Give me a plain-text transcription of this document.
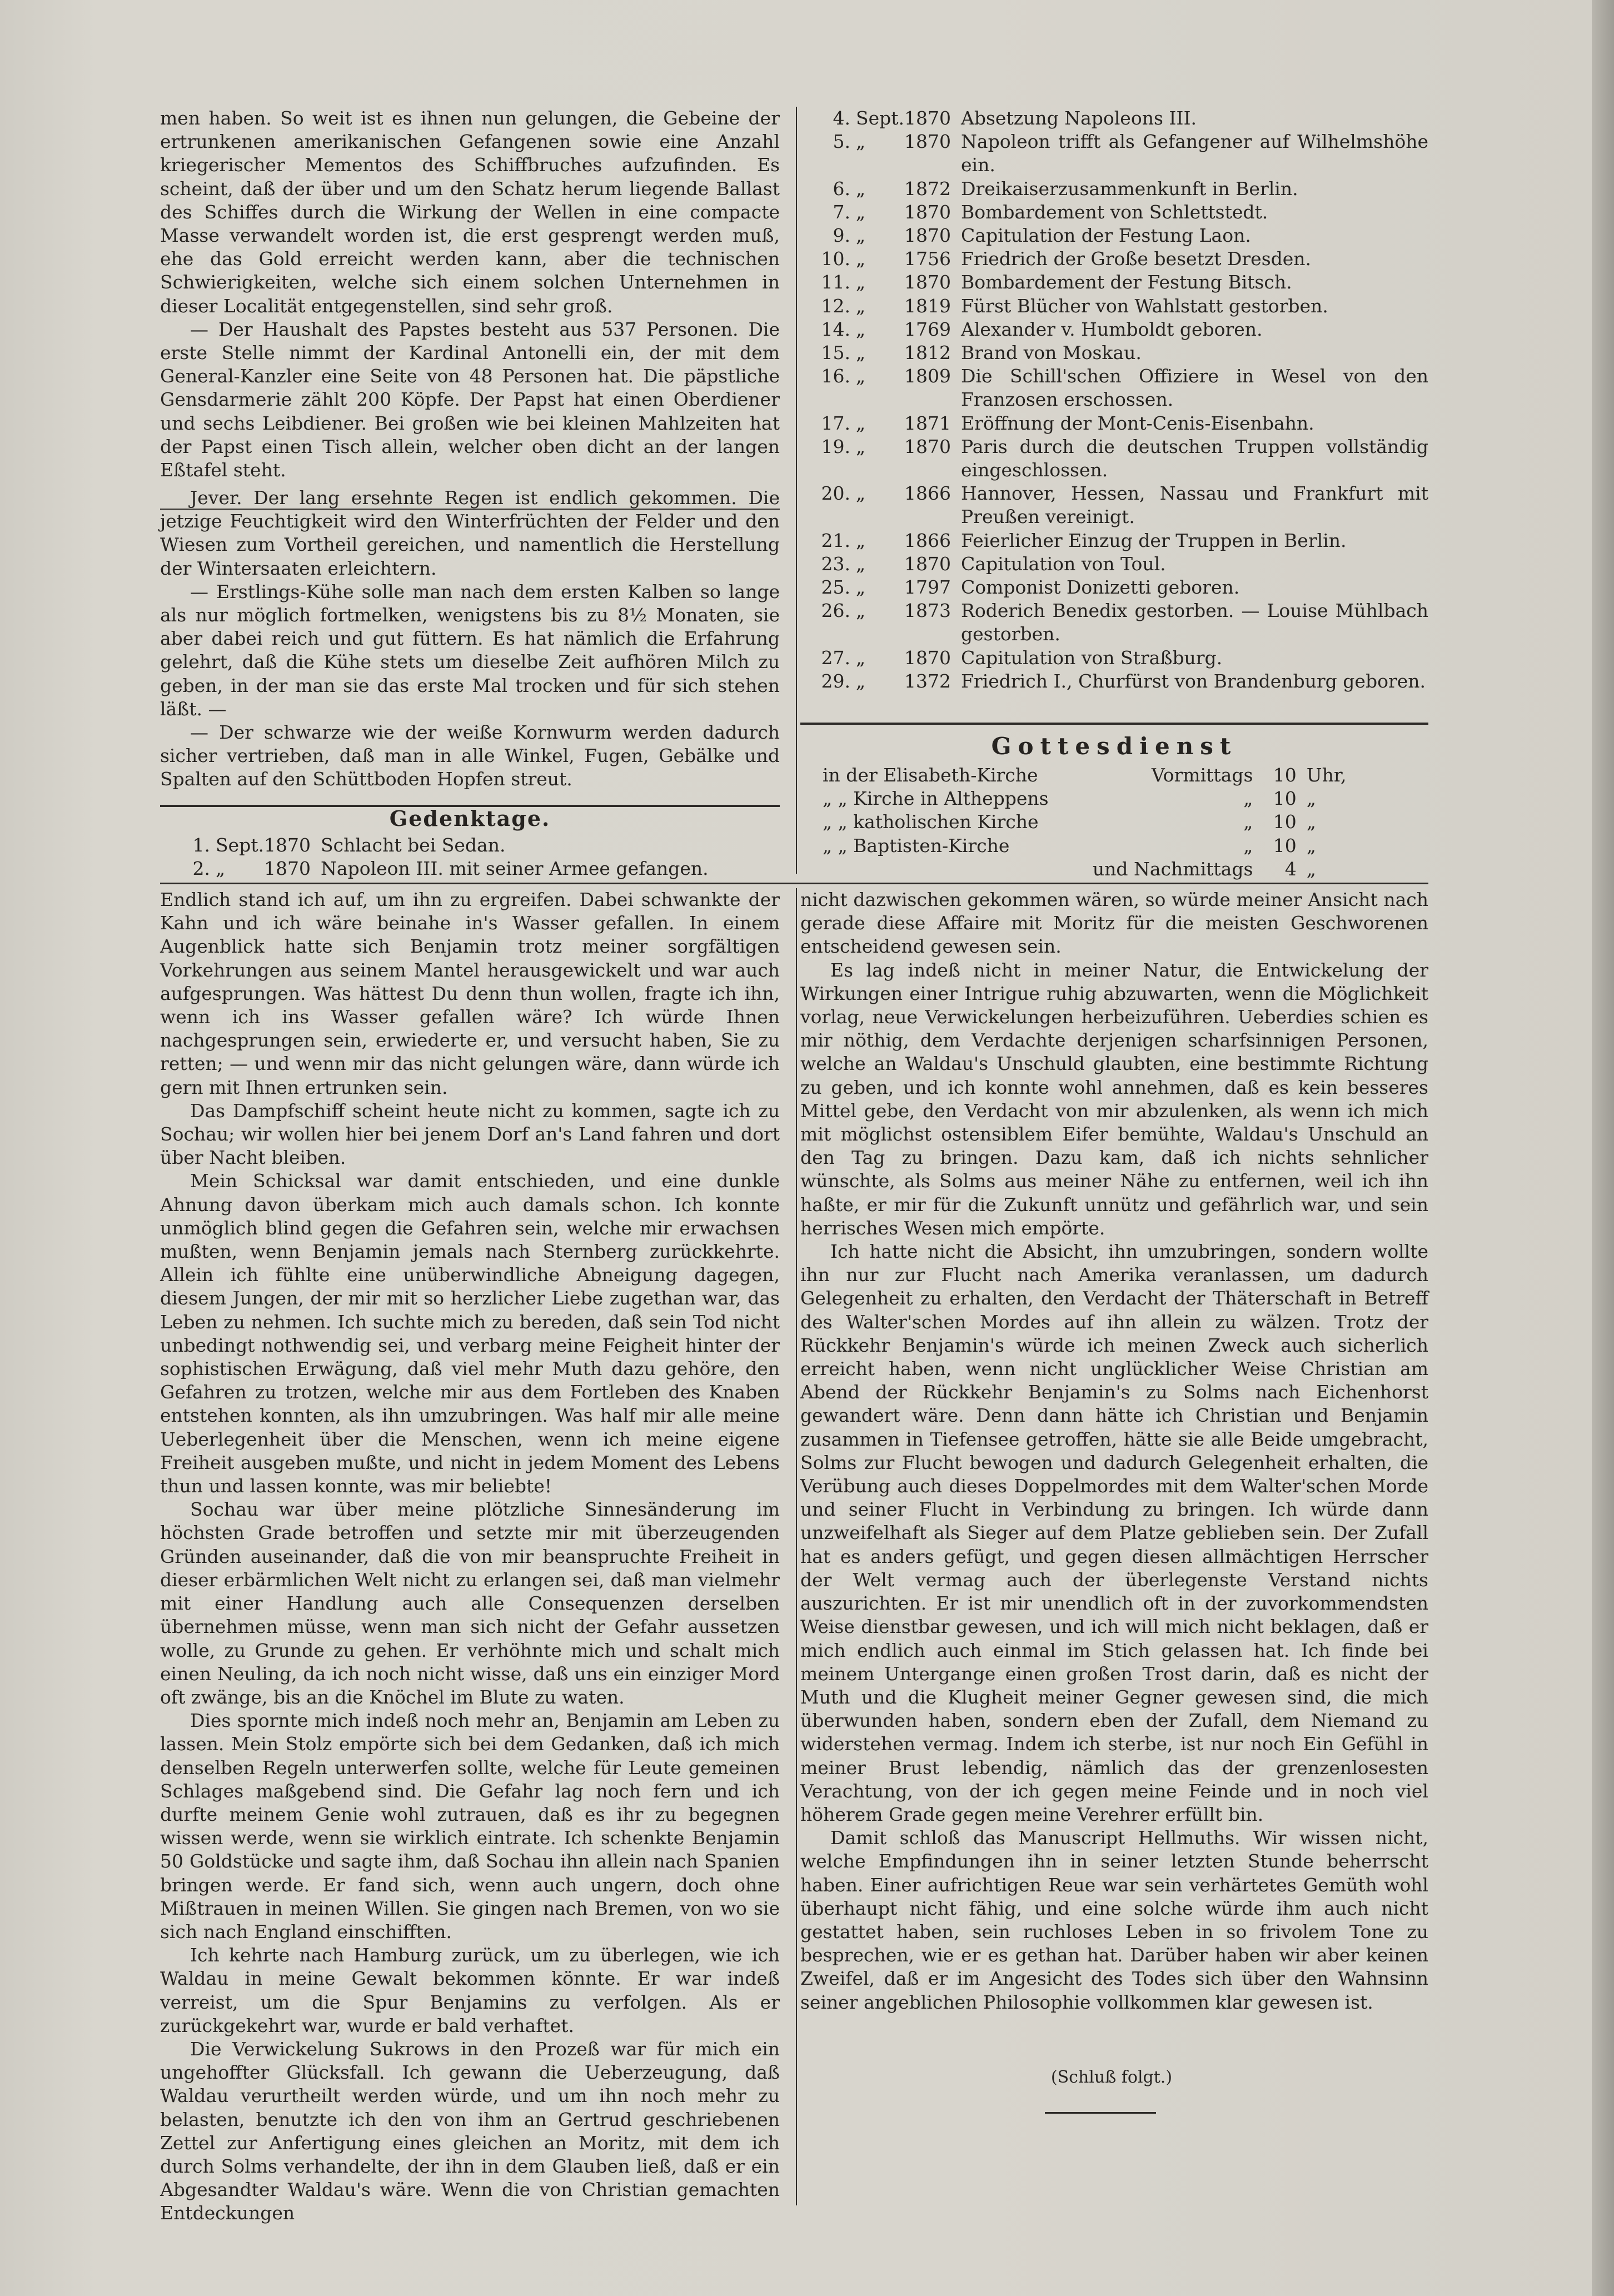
men haben. So weit ist es ihnen nun gelungen, die Gebeine der ertrunkenen amerikanischen Gefangenen sowie eine Anzahl kriegerischer Mementos des Schiffbruches aufzufinden. Es scheint, daß der über und um den Schatz herum liegende Ballast des Schiffes durch die Wirkung der Wellen in eine compacte Masse verwandelt worden ist, die erst gesprengt werden muß, ehe das Gold erreicht werden kann, aber die technischen Schwierigkeiten, welche sich einem solchen Unternehmen in dieser Localität entgegenstellen, sind sehr groß.

— Der Haushalt des Papstes besteht aus 537 Personen. Die erste Stelle nimmt der Kardinal Antonelli ein, der mit dem General-Kanzler eine Seite von 48 Personen hat. Die päpstliche Gensdarmerie zählt 200 Köpfe. Der Papst hat einen Oberdiener und sechs Leibdiener. Bei großen wie bei kleinen Mahlzeiten hat der Papst einen Tisch allein, welcher oben dicht an der langen Eßtafel steht.

Jever. Der lang ersehnte Regen ist endlich gekommen. Die jetzige Feuchtigkeit wird den Winterfrüchten der Felder und den Wiesen zum Vortheil gereichen, und namentlich die Herstellung der Wintersaaten erleichtern.

— Erstlings-Kühe solle man nach dem ersten Kalben so lange als nur möglich fortmelken, wenigstens bis zu 8½ Monaten, sie aber dabei reich und gut füttern. Es hat nämlich die Erfahrung gelehrt, daß die Kühe stets um dieselbe Zeit aufhören Milch zu geben, in der man sie das erste Mal trocken und für sich stehen läßt. —

— Der schwarze wie der weiße Kornwurm werden dadurch sicher vertrieben, daß man in alle Winkel, Fugen, Gebälke und Spalten auf den Schüttboden Hopfen streut.

Gedenktage.
1.	Sept.	1870	Schlacht bei Sedan.
2.	„	1870	Napoleon III. mit seiner Armee gefangen.
4.	Sept.	1870	Absetzung Napoleons III.
5.	„	1870	Napoleon trifft als Gefangener auf Wilhelmshöhe ein.
6.	„	1872	Dreikaiserzusammenkunft in Berlin.
7.	„	1870	Bombardement von Schlettstedt.
9.	„	1870	Capitulation der Festung Laon.
10.	„	1756	Friedrich der Große besetzt Dresden.
11.	„	1870	Bombardement der Festung Bitsch.
12.	„	1819	Fürst Blücher von Wahlstatt gestorben.
14.	„	1769	Alexander v. Humboldt geboren.
15.	„	1812	Brand von Moskau.
16.	„	1809	Die Schill'schen Offiziere in Wesel von den Franzosen erschossen.
17.	„	1871	Eröffnung der Mont-Cenis-Eisenbahn.
19.	„	1870	Paris durch die deutschen Truppen vollständig eingeschlossen.
20.	„	1866	Hannover, Hessen, Nassau und Frankfurt mit Preußen vereinigt.
21.	„	1866	Feierlicher Einzug der Truppen in Berlin.
23.	„	1870	Capitulation von Toul.
25.	„	1797	Componist Donizetti geboren.
26.	„	1873	Roderich Benedix gestorben. — Louise Mühlbach gestorben.
27.	„	1870	Capitulation von Straßburg.
29.	„	1372	Friedrich I., Churfürst von Brandenburg geboren.
Gottesdienst
in der Elisabeth-Kirche	Vormittags	10	Uhr,
„ „ Kirche in Altheppens	„	10	„
„ „ katholischen Kirche	„	10	„
„ „ Baptisten-Kirche	„	10	„
	und Nachmittags	4	„

Endlich stand ich auf, um ihn zu ergreifen. Dabei schwankte der Kahn und ich wäre beinahe in's Wasser gefallen. In einem Augenblick hatte sich Benjamin trotz meiner sorgfältigen Vorkehrungen aus seinem Mantel herausgewickelt und war auch aufgesprungen. Was hättest Du denn thun wollen, fragte ich ihn, wenn ich ins Wasser gefallen wäre? Ich würde Ihnen nachgesprungen sein, erwiederte er, und versucht haben, Sie zu retten; — und wenn mir das nicht gelungen wäre, dann würde ich gern mit Ihnen ertrunken sein.

Das Dampfschiff scheint heute nicht zu kommen, sagte ich zu Sochau; wir wollen hier bei jenem Dorf an's Land fahren und dort über Nacht bleiben.

Mein Schicksal war damit entschieden, und eine dunkle Ahnung davon überkam mich auch damals schon. Ich konnte unmöglich blind gegen die Gefahren sein, welche mir erwachsen mußten, wenn Benjamin jemals nach Sternberg zurückkehrte. Allein ich fühlte eine unüberwindliche Abneigung dagegen, diesem Jungen, der mir mit so herzlicher Liebe zugethan war, das Leben zu nehmen. Ich suchte mich zu bereden, daß sein Tod nicht unbedingt nothwendig sei, und verbarg meine Feigheit hinter der sophistischen Erwägung, daß viel mehr Muth dazu gehöre, den Gefahren zu trotzen, welche mir aus dem Fortleben des Knaben entstehen konnten, als ihn umzubringen. Was half mir alle meine Ueberlegenheit über die Menschen, wenn ich meine eigene Freiheit ausgeben mußte, und nicht in jedem Moment des Lebens thun und lassen konnte, was mir beliebte!

Sochau war über meine plötzliche Sinnesänderung im höchsten Grade betroffen und setzte mir mit überzeugenden Gründen auseinander, daß die von mir beanspruchte Freiheit in dieser erbärmlichen Welt nicht zu erlangen sei, daß man vielmehr mit einer Handlung auch alle Consequenzen derselben übernehmen müsse, wenn man sich nicht der Gefahr aussetzen wolle, zu Grunde zu gehen. Er verhöhnte mich und schalt mich einen Neuling, da ich noch nicht wisse, daß uns ein einziger Mord oft zwänge, bis an die Knöchel im Blute zu waten.

Dies spornte mich indeß noch mehr an, Benjamin am Leben zu lassen. Mein Stolz empörte sich bei dem Gedanken, daß ich mich denselben Regeln unterwerfen sollte, welche für Leute gemeinen Schlages maßgebend sind. Die Gefahr lag noch fern und ich durfte meinem Genie wohl zutrauen, daß es ihr zu begegnen wissen werde, wenn sie wirklich eintrate. Ich schenkte Benjamin 50 Goldstücke und sagte ihm, daß Sochau ihn allein nach Spanien bringen werde. Er fand sich, wenn auch ungern, doch ohne Mißtrauen in meinen Willen. Sie gingen nach Bremen, von wo sie sich nach England einschifften.

Ich kehrte nach Hamburg zurück, um zu überlegen, wie ich Waldau in meine Gewalt bekommen könnte. Er war indeß verreist, um die Spur Benjamins zu verfolgen. Als er zurückgekehrt war, wurde er bald verhaftet.

Die Verwickelung Sukrows in den Prozeß war für mich ein ungehoffter Glücksfall. Ich gewann die Ueberzeugung, daß Waldau verurtheilt werden würde, und um ihn noch mehr zu belasten, benutzte ich den von ihm an Gertrud geschriebenen Zettel zur Anfertigung eines gleichen an Moritz, mit dem ich durch Solms verhandelte, der ihn in dem Glauben ließ, daß er ein Abgesandter Waldau's wäre. Wenn die von Christian gemachten Entdeckungen

nicht dazwischen gekommen wären, so würde meiner Ansicht nach gerade diese Affaire mit Moritz für die meisten Geschworenen entscheidend gewesen sein.

Es lag indeß nicht in meiner Natur, die Entwickelung der Wirkungen einer Intrigue ruhig abzuwarten, wenn die Möglichkeit vorlag, neue Verwickelungen herbeizuführen. Ueberdies schien es mir nöthig, dem Verdachte derjenigen scharfsinnigen Personen, welche an Waldau's Unschuld glaubten, eine bestimmte Richtung zu geben, und ich konnte wohl annehmen, daß es kein besseres Mittel gebe, den Verdacht von mir abzulenken, als wenn ich mich mit möglichst ostensiblem Eifer bemühte, Waldau's Unschuld an den Tag zu bringen. Dazu kam, daß ich nichts sehnlicher wünschte, als Solms aus meiner Nähe zu entfernen, weil ich ihn haßte, er mir für die Zukunft unnütz und gefährlich war, und sein herrisches Wesen mich empörte.

Ich hatte nicht die Absicht, ihn umzubringen, sondern wollte ihn nur zur Flucht nach Amerika veranlassen, um dadurch Gelegenheit zu erhalten, den Verdacht der Thäterschaft in Betreff des Walter'schen Mordes auf ihn allein zu wälzen. Trotz der Rückkehr Benjamin's würde ich meinen Zweck auch sicherlich erreicht haben, wenn nicht unglücklicher Weise Christian am Abend der Rückkehr Benjamin's zu Solms nach Eichenhorst gewandert wäre. Denn dann hätte ich Christian und Benjamin zusammen in Tiefensee getroffen, hätte sie alle Beide umgebracht, Solms zur Flucht bewogen und dadurch Gelegenheit erhalten, die Verübung auch dieses Doppelmordes mit dem Walter'schen Morde und seiner Flucht in Verbindung zu bringen. Ich würde dann unzweifelhaft als Sieger auf dem Platze geblieben sein. Der Zufall hat es anders gefügt, und gegen diesen allmächtigen Herrscher der Welt vermag auch der überlegenste Verstand nichts auszurichten. Er ist mir unendlich oft in der zuvorkommendsten Weise dienstbar gewesen, und ich will mich nicht beklagen, daß er mich endlich auch einmal im Stich gelassen hat. Ich finde bei meinem Untergange einen großen Trost darin, daß es nicht der Muth und die Klugheit meiner Gegner gewesen sind, die mich überwunden haben, sondern eben der Zufall, dem Niemand zu widerstehen vermag. Indem ich sterbe, ist nur noch Ein Gefühl in meiner Brust lebendig, nämlich das der grenzenlosesten Verachtung, von der ich gegen meine Feinde und in noch viel höherem Grade gegen meine Verehrer erfüllt bin.

Damit schloß das Manuscript Hellmuths. Wir wissen nicht, welche Empfindungen ihn in seiner letzten Stunde beherrscht haben. Einer aufrichtigen Reue war sein verhärtetes Gemüth wohl überhaupt nicht fähig, und eine solche würde ihm auch nicht gestattet haben, sein ruchloses Leben in so frivolem Tone zu besprechen, wie er es gethan hat. Darüber haben wir aber keinen Zweifel, daß er im Angesicht des Todes sich über den Wahnsinn seiner angeblichen Philosophie vollkommen klar gewesen ist.

(Schluß folgt.)
